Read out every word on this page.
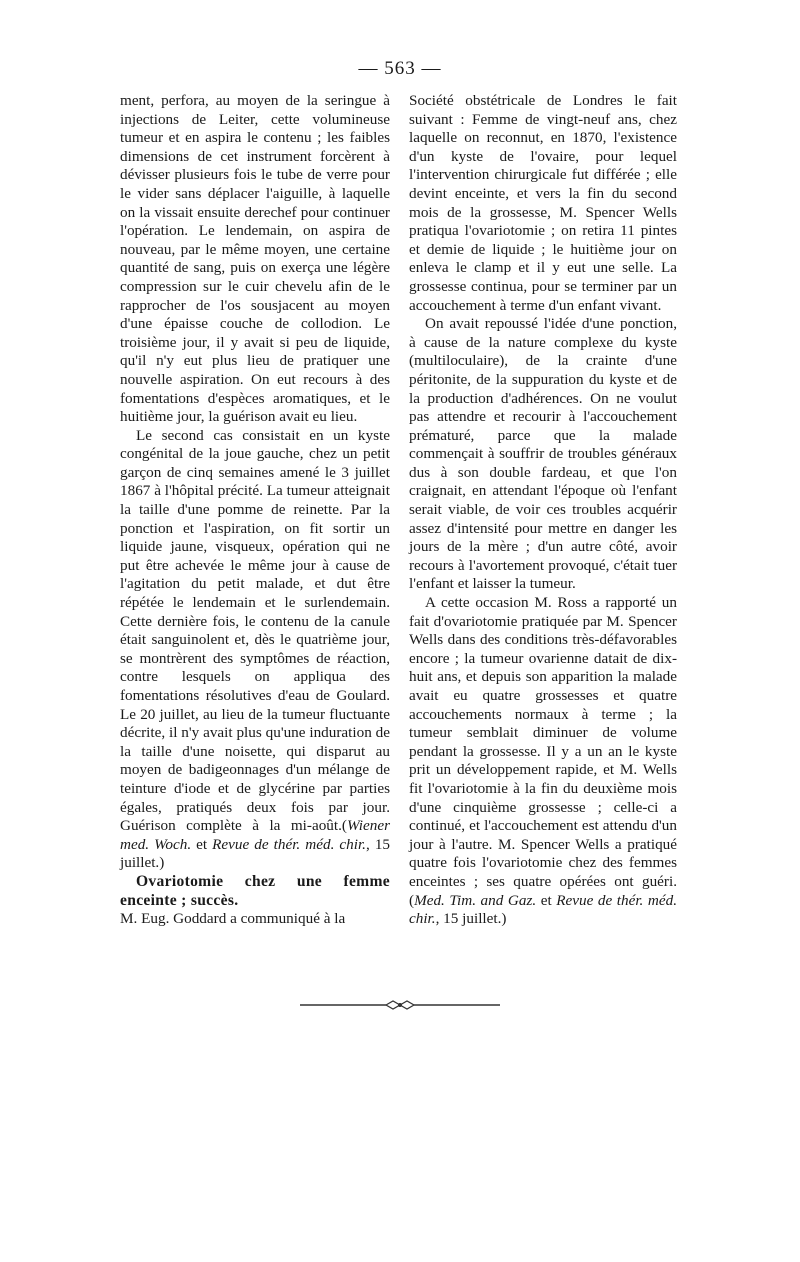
— 563 —

ment, perfora, au moyen de la seringue à injections de Leiter, cette volumineuse tumeur et en aspira le contenu ; les faibles dimensions de cet instrument forcèrent à dévisser plusieurs fois le tube de verre pour le vider sans déplacer l'aiguille, à laquelle on la vissait ensuite derechef pour continuer l'opération. Le lendemain, on aspira de nouveau, par le même moyen, une certaine quantité de sang, puis on exerça une légère compression sur le cuir chevelu afin de le rapprocher de l'os sousjacent au moyen d'une épaisse couche de collodion. Le troisième jour, il y avait si peu de liquide, qu'il n'y eut plus lieu de pratiquer une nouvelle aspiration. On eut recours à des fomentations d'espèces aromatiques, et le huitième jour, la guérison avait eu lieu.

Le second cas consistait en un kyste congénital de la joue gauche, chez un petit garçon de cinq semaines amené le 3 juillet 1867 à l'hôpital précité. La tumeur atteignait la taille d'une pomme de reinette. Par la ponction et l'aspiration, on fit sortir un liquide jaune, visqueux, opération qui ne put être achevée le même jour à cause de l'agitation du petit malade, et dut être répétée le lendemain et le surlendemain. Cette dernière fois, le contenu de la canule était sanguinolent et, dès le quatrième jour, se montrèrent des symptômes de réaction, contre lesquels on appliqua des fomentations résolutives d'eau de Goulard. Le 20 juillet, au lieu de la tumeur fluctuante décrite, il n'y avait plus qu'une induration de la taille d'une noisette, qui disparut au moyen de badigeonnages d'un mélange de teinture d'iode et de glycérine par parties égales, pratiqués deux fois par jour. Guérison complète à la mi-août.(Wiener med. Woch. et Revue de thér. méd. chir., 15 juillet.)

Ovariotomie chez une femme enceinte ; succès.

M. Eug. Goddard a communiqué à la

Société obstétricale de Londres le fait suivant : Femme de vingt-neuf ans, chez laquelle on reconnut, en 1870, l'existence d'un kyste de l'ovaire, pour lequel l'intervention chirurgicale fut différée ; elle devint enceinte, et vers la fin du second mois de la grossesse, M. Spencer Wells pratiqua l'ovariotomie ; on retira 11 pintes et demie de liquide ; le huitième jour on enleva le clamp et il y eut une selle. La grossesse continua, pour se terminer par un accouchement à terme d'un enfant vivant.

On avait repoussé l'idée d'une ponction, à cause de la nature complexe du kyste (multiloculaire), de la crainte d'une péritonite, de la suppuration du kyste et de la production d'adhérences. On ne voulut pas attendre et recourir à l'accouchement prématuré, parce que la malade commençait à souffrir de troubles généraux dus à son double fardeau, et que l'on craignait, en attendant l'époque où l'enfant serait viable, de voir ces troubles acquérir assez d'intensité pour mettre en danger les jours de la mère ; d'un autre côté, avoir recours à l'avortement provoqué, c'était tuer l'enfant et laisser la tumeur.

A cette occasion M. Ross a rapporté un fait d'ovariotomie pratiquée par M. Spencer Wells dans des conditions très-défavorables encore ; la tumeur ovarienne datait de dix-huit ans, et depuis son apparition la malade avait eu quatre grossesses et quatre accouchements normaux à terme ; la tumeur semblait diminuer de volume pendant la grossesse. Il y a un an le kyste prit un développement rapide, et M. Wells fit l'ovariotomie à la fin du deuxième mois d'une cinquième grossesse ; celle-ci a continué, et l'accouchement est attendu d'un jour à l'autre. M. Spencer Wells a pratiqué quatre fois l'ovariotomie chez des femmes enceintes ; ses quatre opérées ont guéri. (Med. Tim. and Gaz. et Revue de thér. méd. chir., 15 juillet.)
